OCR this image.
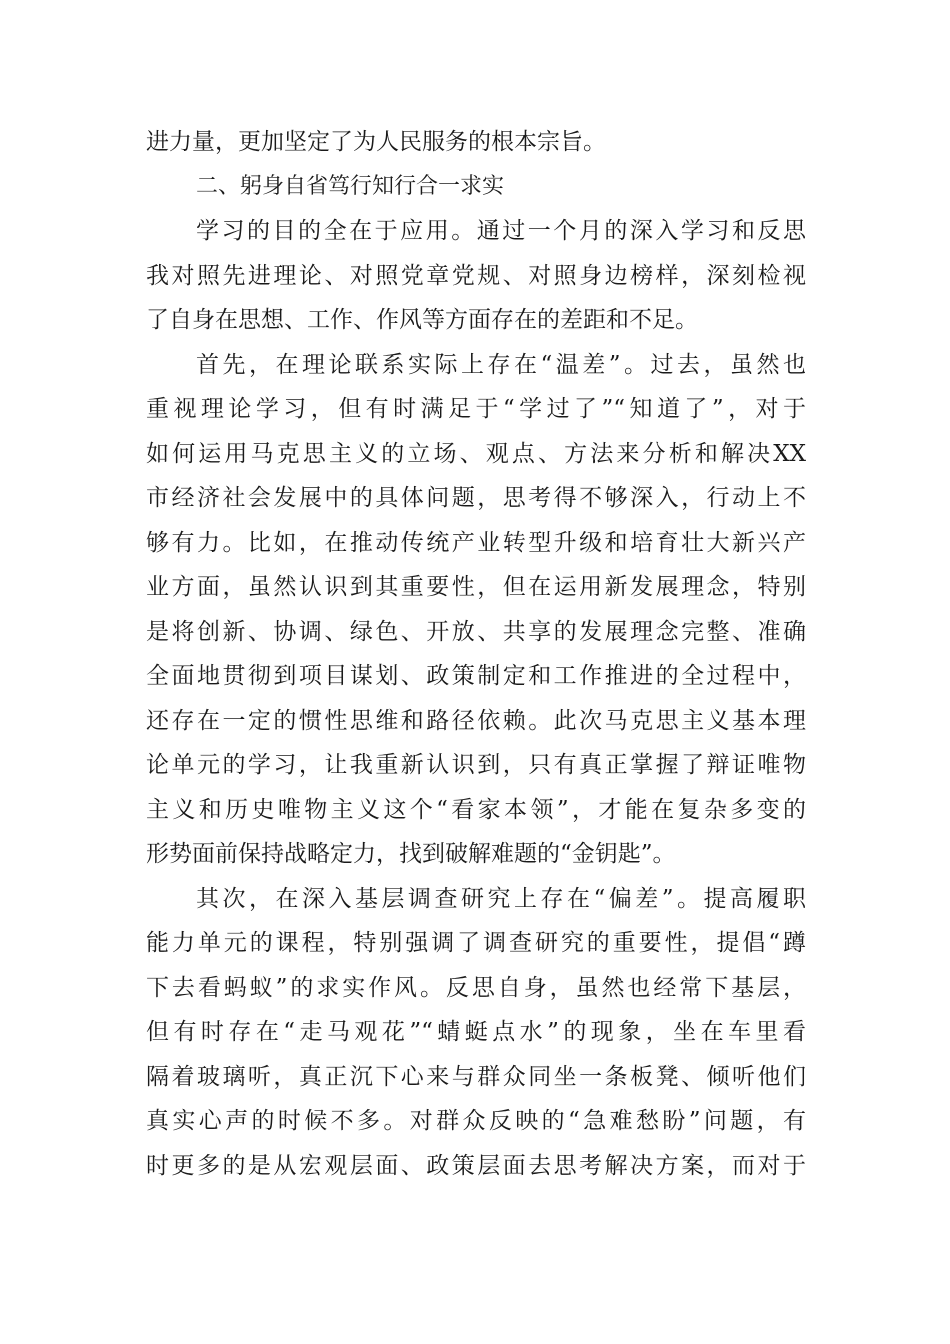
进力量，更加坚定了为人民服务的根本宗旨。
二、躬身自省笃行知行合一求实
学习的目的全在于应用。通过一个月的深入学习和反思
我对照先进理论、对照党章党规、对照身边榜样，深刻检视
了自身在思想、工作、作风等方面存在的差距和不足。
首先，在理论联系实际上存在“温差”。过去，虽然也
重视理论学习，但有时满足于“学过了”“知道了”，对于
如何运用马克思主义的立场、观点、方法来分析和解决XX
市经济社会发展中的具体问题，思考得不够深入，行动上不
够有力。比如，在推动传统产业转型升级和培育壮大新兴产
业方面，虽然认识到其重要性，但在运用新发展理念，特别
是将创新、协调、绿色、开放、共享的发展理念完整、准确
全面地贯彻到项目谋划、政策制定和工作推进的全过程中，
还存在一定的惯性思维和路径依赖。此次马克思主义基本理
论单元的学习，让我重新认识到，只有真正掌握了辩证唯物
主义和历史唯物主义这个“看家本领”，才能在复杂多变的
形势面前保持战略定力，找到破解难题的“金钥匙”。
其次，在深入基层调查研究上存在“偏差”。提高履职
能力单元的课程，特别强调了调查研究的重要性，提倡“蹲
下去看蚂蚁”的求实作风。反思自身，虽然也经常下基层，
但有时存在“走马观花”“蜻蜓点水”的现象，坐在车里看
隔着玻璃听，真正沉下心来与群众同坐一条板凳、倾听他们
真实心声的时候不多。对群众反映的“急难愁盼”问题，有
时更多的是从宏观层面、政策层面去思考解决方案，而对于
